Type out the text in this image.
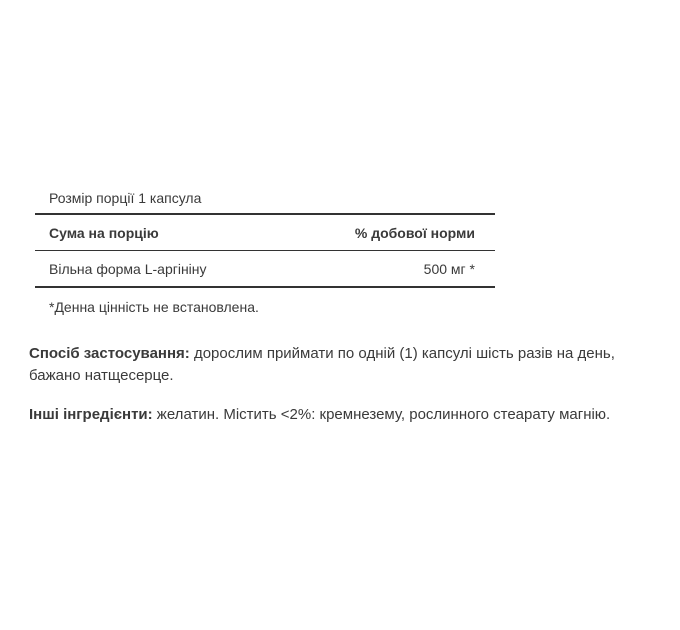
Розмір порції 1 капсула
Сума на порцію	% добової норми
Вільна форма L-аргініну	500 мг *
*Денна цінність не встановлена.
Спосіб застосування: дорослим приймати по одній (1) капсулі шість разів на день, бажано натщесерце.
Інші інгредієнти: желатин. Містить <2%: кремнезему, рослинного стеарату магнію.
